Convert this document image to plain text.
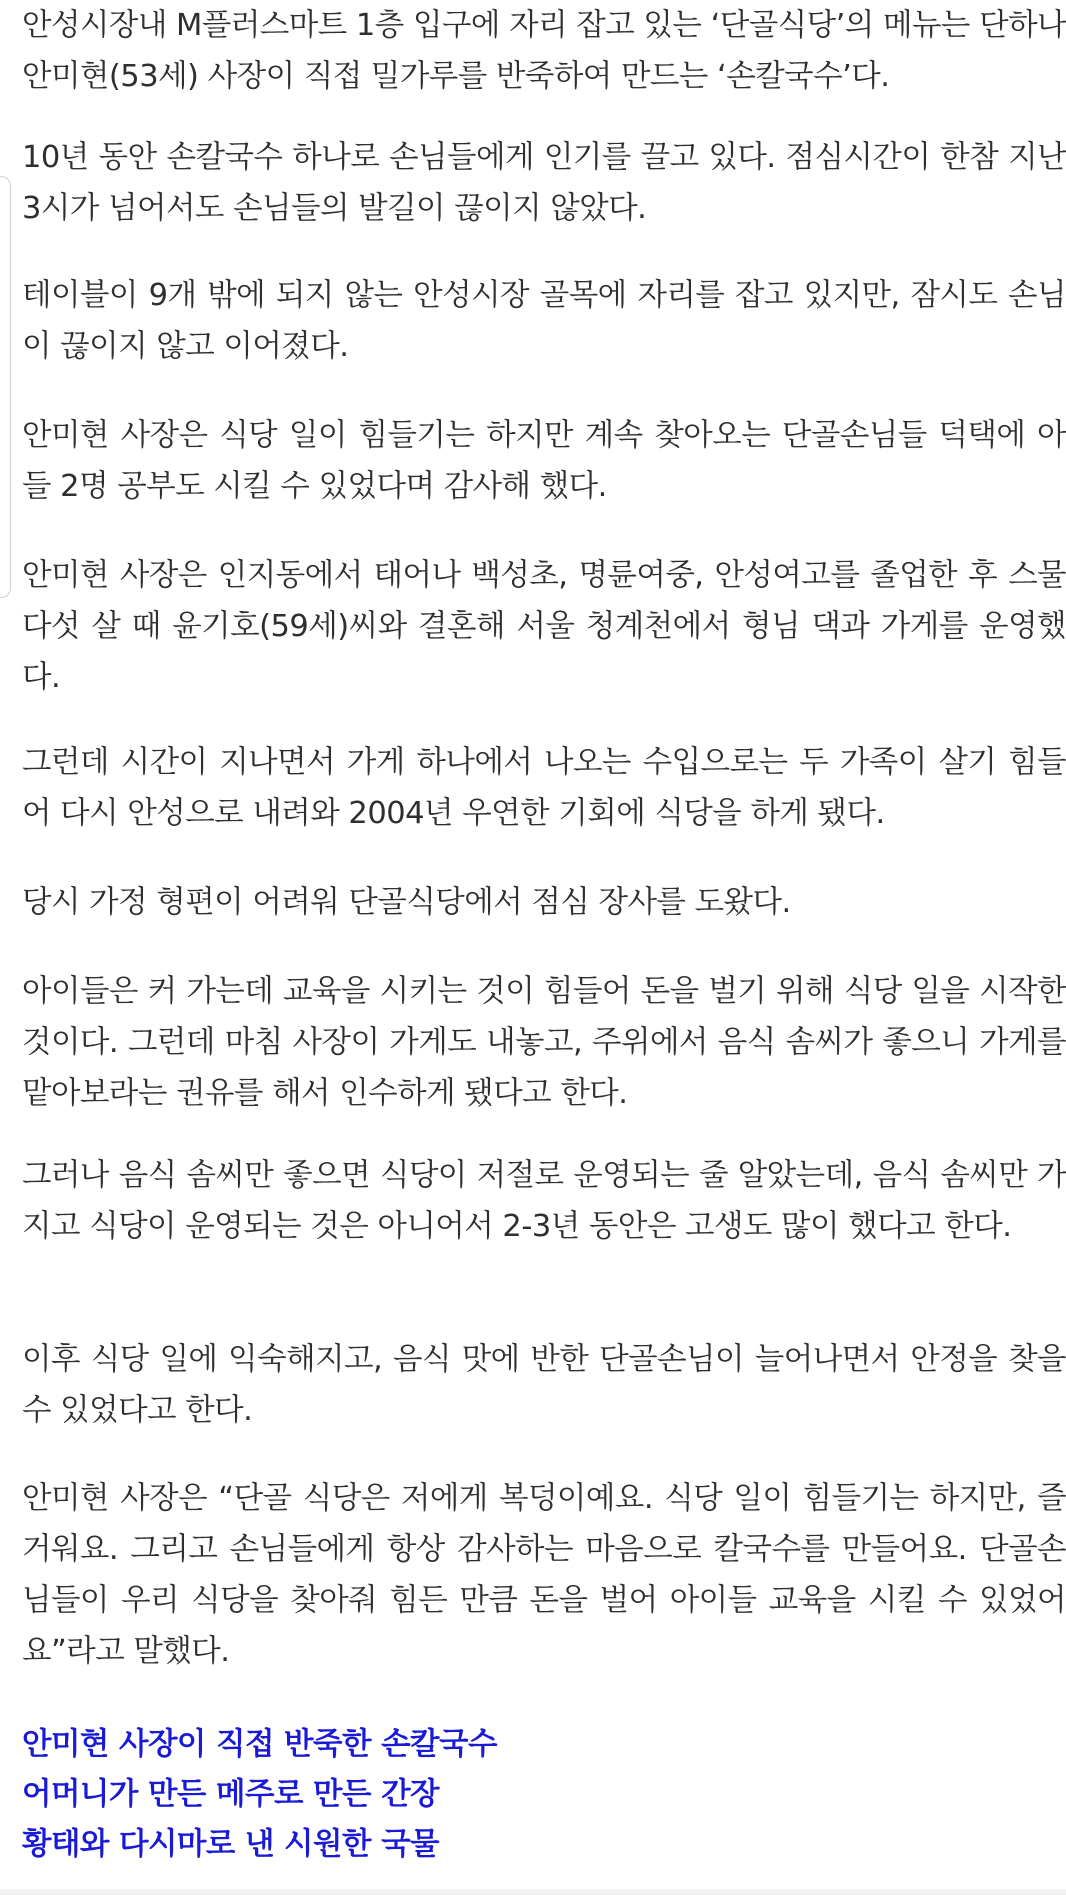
안성시장내 M플러스마트 1층 입구에 자리 잡고 있는 ‘단골식당’의 메뉴는 단하나 안미현(53세) 사장이 직접 밀가루를 반죽하여 만드는 ‘손칼국수’다.

10년 동안 손칼국수 하나로 손님들에게 인기를 끌고 있다. 점심시간이 한참 지난 3시가 넘어서도 손님들의 발길이 끊이지 않았다.

테이블이 9개 밖에 되지 않는 안성시장 골목에 자리를 잡고 있지만, 잠시도 손님이 끊이지 않고 이어졌다.

안미현 사장은 식당 일이 힘들기는 하지만 계속 찾아오는 단골손님들 덕택에 아들 2명 공부도 시킬 수 있었다며 감사해 했다.

안미현 사장은 인지동에서 태어나 백성초, 명륜여중, 안성여고를 졸업한 후 스물다섯 살 때 윤기호(59세)씨와 결혼해 서울 청계천에서 형님 댁과 가게를 운영했다.

그런데 시간이 지나면서 가게 하나에서 나오는 수입으로는 두 가족이 살기 힘들어 다시 안성으로 내려와 2004년 우연한 기회에 식당을 하게 됐다.

당시 가정 형편이 어려워 단골식당에서 점심 장사를 도왔다.

아이들은 커 가는데 교육을 시키는 것이 힘들어 돈을 벌기 위해 식당 일을 시작한 것이다. 그런데 마침 사장이 가게도 내놓고, 주위에서 음식 솜씨가 좋으니 가게를 맡아보라는 권유를 해서 인수하게 됐다고 한다.

그러나 음식 솜씨만 좋으면 식당이 저절로 운영되는 줄 알았는데, 음식 솜씨만 가지고 식당이 운영되는 것은 아니어서 2-3년 동안은 고생도 많이 했다고 한다.

이후 식당 일에 익숙해지고, 음식 맛에 반한 단골손님이 늘어나면서 안정을 찾을 수 있었다고 한다.

안미현 사장은 “단골 식당은 저에게 복덩이예요. 식당 일이 힘들기는 하지만, 즐거워요. 그리고 손님들에게 항상 감사하는 마음으로 칼국수를 만들어요. 단골손님들이 우리 식당을 찾아줘 힘든 만큼 돈을 벌어 아이들 교육을 시킬 수 있었어요”라고 말했다.

안미현 사장이 직접 반죽한 손칼국수
어머니가 만든 메주로 만든 간장
황태와 다시마로 낸 시원한 국물
